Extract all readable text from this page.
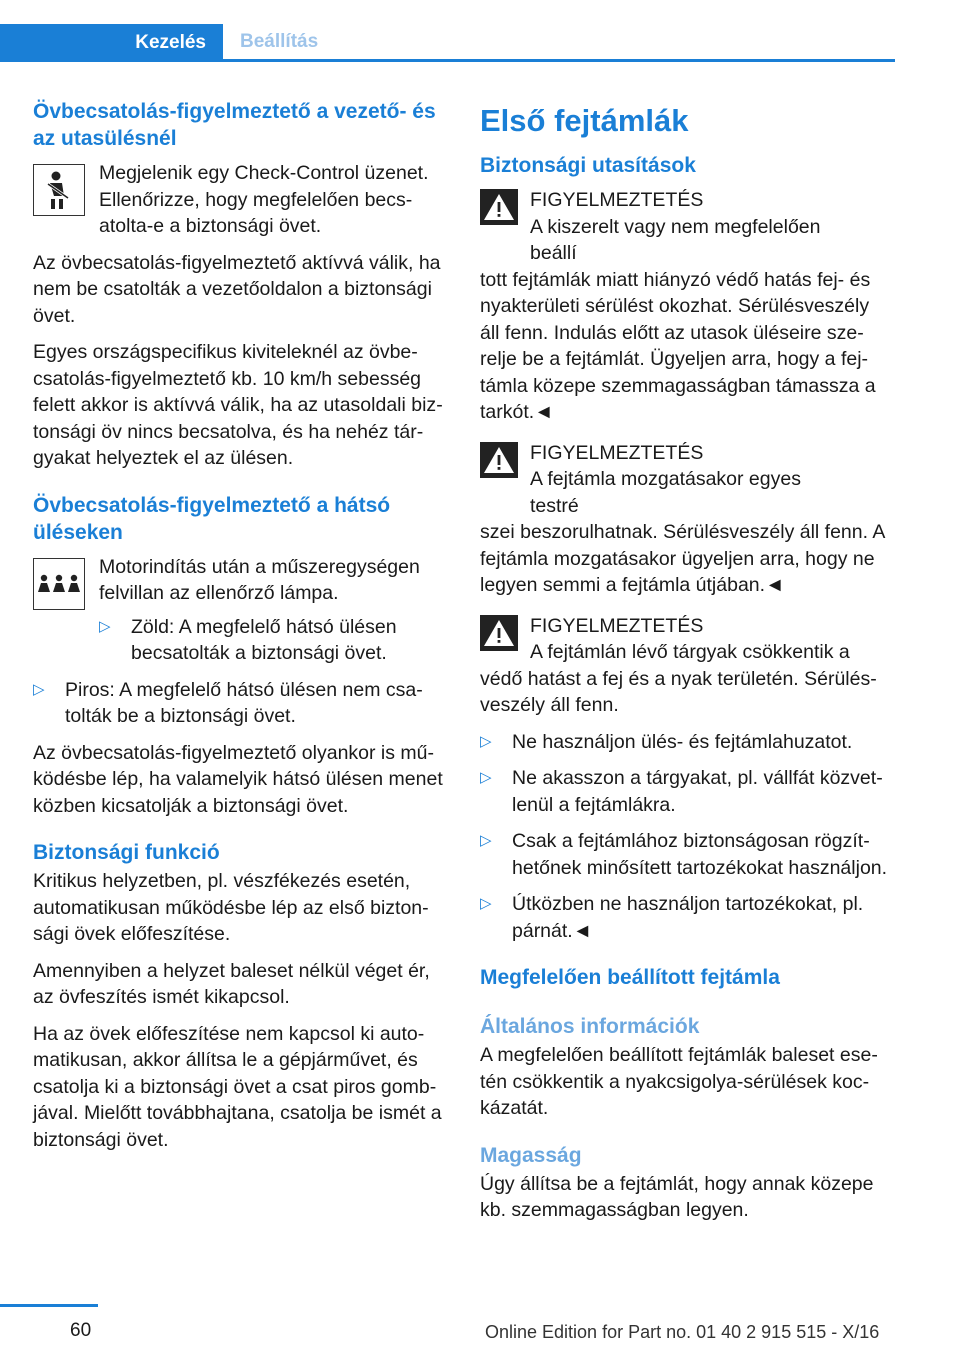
Kezelés	Beállítás
Övbecsatolás-figyelmeztető a vezető- és az utasülésnél

Megjelenik egy Check-Control üzenet. Ellenőrizze, hogy megfelelően becsatolta-e a biztonsági övet.

Az övbecsatolás-figyelmeztető aktívvá válik, ha nem be csatolták a vezetőoldalon a biztonsági övet.

Egyes országspecifikus kiviteleknél az övbecsatolás-figyelmeztető kb. 10 km/h sebesség felett akkor is aktívvá válik, ha az utasoldali biztonsági öv nincs becsatolva, és ha nehéz tárgyakat helyeztek el az ülésen.

Övbecsatolás-figyelmeztető a hátsó üléseken

Motorindítás után a műszeregységen felvillan az ellenőrző lámpa.

▷	Zöld: A megfelelő hátsó ülésen becsatolták a biztonsági övet.
▷	Piros: A megfelelő hátsó ülésen nem csatolták be a biztonsági övet.

Az övbecsatolás-figyelmeztető olyankor is működésbe lép, ha valamelyik hátsó ülésen menet közben kicsatolják a biztonsági övet.

Biztonsági funkció

Kritikus helyzetben, pl. vészfékezés esetén, automatikusan működésbe lép az első biztonsági övek előfeszítése.

Amennyiben a helyzet baleset nélkül véget ér, az övfeszítés ismét kikapcsol.

Ha az övek előfeszítése nem kapcsol ki automatikusan, akkor állítsa le a gépjárművet, és csatolja ki a biztonsági övet a csat piros gombjával. Mielőtt továbbhajtana, csatolja be ismét a biztonsági övet.

Első fejtámlák
Biztonsági utasítások
FIGYELMEZTETÉS
A kiszerelt vagy nem megfelelően beállí
tott fejtámlák miatt hiányzó védő hatás fej- és nyakterületi sérülést okozhat. Sérülésveszély áll fenn. Indulás előtt az utasok üléseire szerelje be a fejtámlát. Ügyeljen arra, hogy a fejtámla közepe szemmagasságban támassza a tarkót.◄
FIGYELMEZTETÉS
A fejtámla mozgatásakor egyes testré
szei beszorulhatnak. Sérülésveszély áll fenn. A fejtámla mozgatásakor ügyeljen arra, hogy ne legyen semmi a fejtámla útjában.◄
FIGYELMEZTETÉS
A fejtámlán lévő tárgyak csökkentik a
védő hatást a fej és a nyak területén. Sérülésveszély áll fenn.
▷	Ne használjon ülés- és fejtámlahuzatot.
▷	Ne akasszon a tárgyakat, pl. vállfát közvetlenül a fejtámlákra.
▷	Csak a fejtámlához biztonságosan rögzíthetőnek minősített tartozékokat használjon.
▷	Útközben ne használjon tartozékokat, pl. párnát.◄
Megfelelően beállított fejtámla
Általános információk

A megfelelően beállított fejtámlák baleset esetén csökkentik a nyakcsigolya-sérülések kockázatát.

Magasság

Úgy állítsa be a fejtámlát, hogy annak közepe kb. szemmagasságban legyen.

60	Online Edition for Part no. 01 40 2 915 515 - X/16
